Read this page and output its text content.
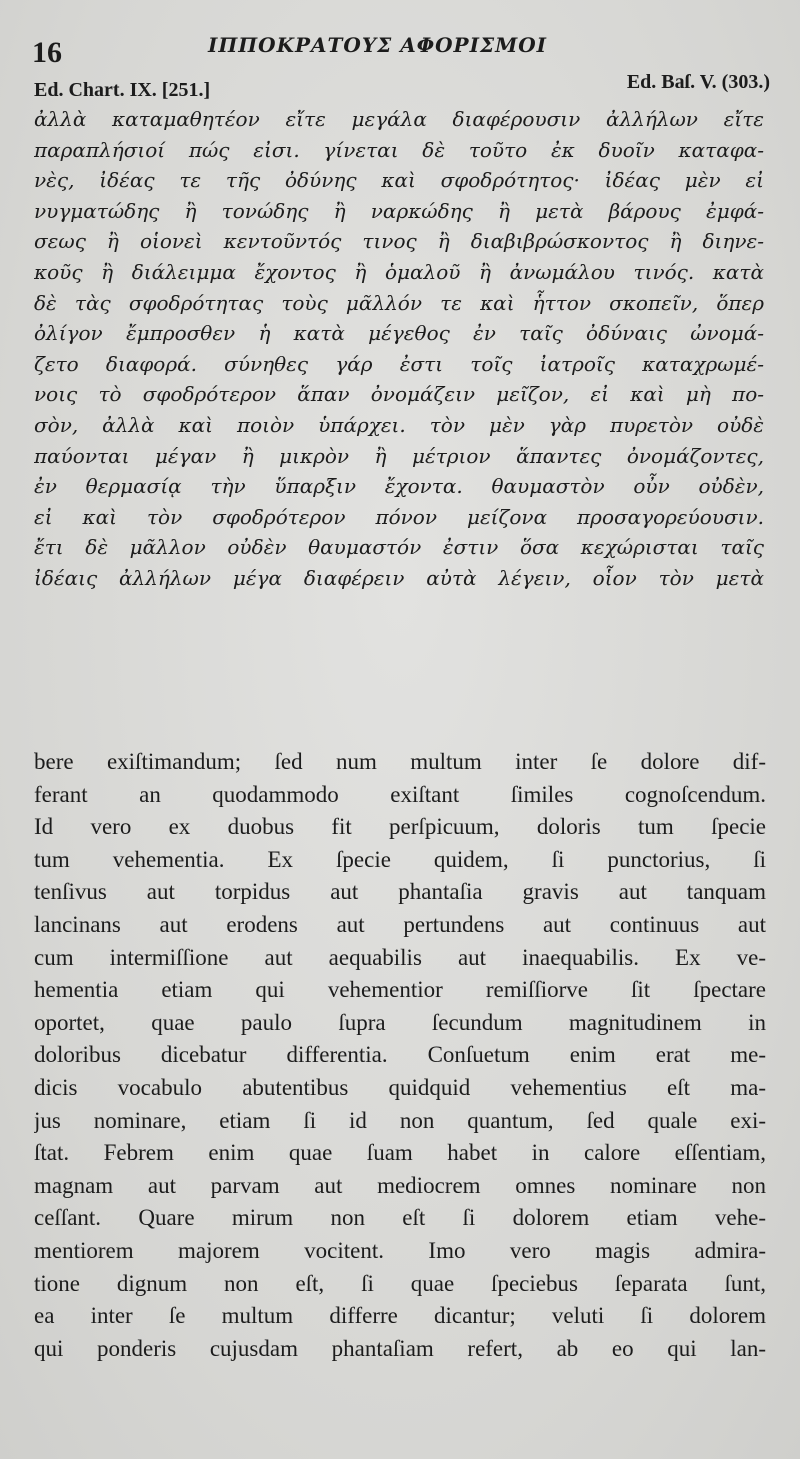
16	ΙΠΠΟΚΡΑΤΟΥΣ ΑΦΟΡΙΣΜΟΙ
Ed. Chart. IX. [251.]	Ed. Baſ. V. (303.)
ἀλλὰ καταμαθητέον εἴτε μεγάλα διαφέρουσιν ἀλλήλων εἴτε
παραπλήσιοί πώς εἰσι. γίνεται δὲ τοῦτο ἐκ δυοῖν καταφα-
νὲς, ἰδέας τε τῆς ὀδύνης καὶ σφοδρότητος· ἰδέας μὲν εἰ
νυγματώδης ἢ τονώδης ἢ ναρκώδης ἢ μετὰ βάρους ἐμφά-
σεως ἢ οἱονεὶ κεντοῦντός τινος ἢ διαβιβρώσκοντος ἢ διηνε-
κοῦς ἢ διάλειμμα ἔχοντος ἢ ὁμαλοῦ ἢ ἀνωμάλου τινός. κατὰ
δὲ τὰς σφοδρότητας τοὺς μᾶλλόν τε καὶ ἧττον σκοπεῖν, ὅπερ
ὀλίγον ἔμπροσθεν ἡ κατὰ μέγεθος ἐν ταῖς ὀδύναις ὠνομά-
ζετο διαφορά. σύνηθες γάρ ἐστι τοῖς ἰατροῖς καταχρωμέ-
νοις τὸ σφοδρότερον ἅπαν ὀνομάζειν μεῖζον, εἰ καὶ μὴ πο-
σὸν, ἀλλὰ καὶ ποιὸν ὑπάρχει. τὸν μὲν γὰρ πυρετὸν οὐδὲ
παύονται μέγαν ἢ μικρὸν ἢ μέτριον ἅπαντες ὀνομάζοντες,
ἐν θερμασίᾳ τὴν ὕπαρξιν ἔχοντα. θαυμαστὸν οὖν οὐδὲν,
εἰ καὶ τὸν σφοδρότερον πόνον μείζονα προσαγορεύουσιν.
ἔτι δὲ μᾶλλον οὐδὲν θαυμαστόν ἐστιν ὅσα κεχώρισται ταῖς
ἰδέαις ἀλλήλων μέγα διαφέρειν αὐτὰ λέγειν, οἷον τὸν μετὰ
bere exiſtimandum; ſed num multum inter ſe dolore dif-
ferant an quodammodo exiſtant ſimiles cognoſcendum.
Id vero ex duobus fit perſpicuum, doloris tum ſpecie
tum vehementia. Ex ſpecie quidem, ſi punctorius, ſi
tenſivus aut torpidus aut phantaſia gravis aut tanquam
lancinans aut erodens aut pertundens aut continuus aut
cum intermiſſione aut aequabilis aut inaequabilis. Ex ve-
hementia etiam qui vehementior remiſſiorve ſit ſpectare
oportet, quae paulo ſupra ſecundum magnitudinem in
doloribus dicebatur differentia. Conſuetum enim erat me-
dicis vocabulo abutentibus quidquid vehementius eſt ma-
jus nominare, etiam ſi id non quantum, ſed quale exi-
ſtat. Febrem enim quae ſuam habet in calore eſſentiam,
magnam aut parvam aut mediocrem omnes nominare non
ceſſant. Quare mirum non eſt ſi dolorem etiam vehe-
mentiorem majorem vocitent. Imo vero magis admira-
tione dignum non eſt, ſi quae ſpeciebus ſeparata ſunt,
ea inter ſe multum differre dicantur; veluti ſi dolorem
qui ponderis cujusdam phantaſiam refert, ab eo qui lan-
